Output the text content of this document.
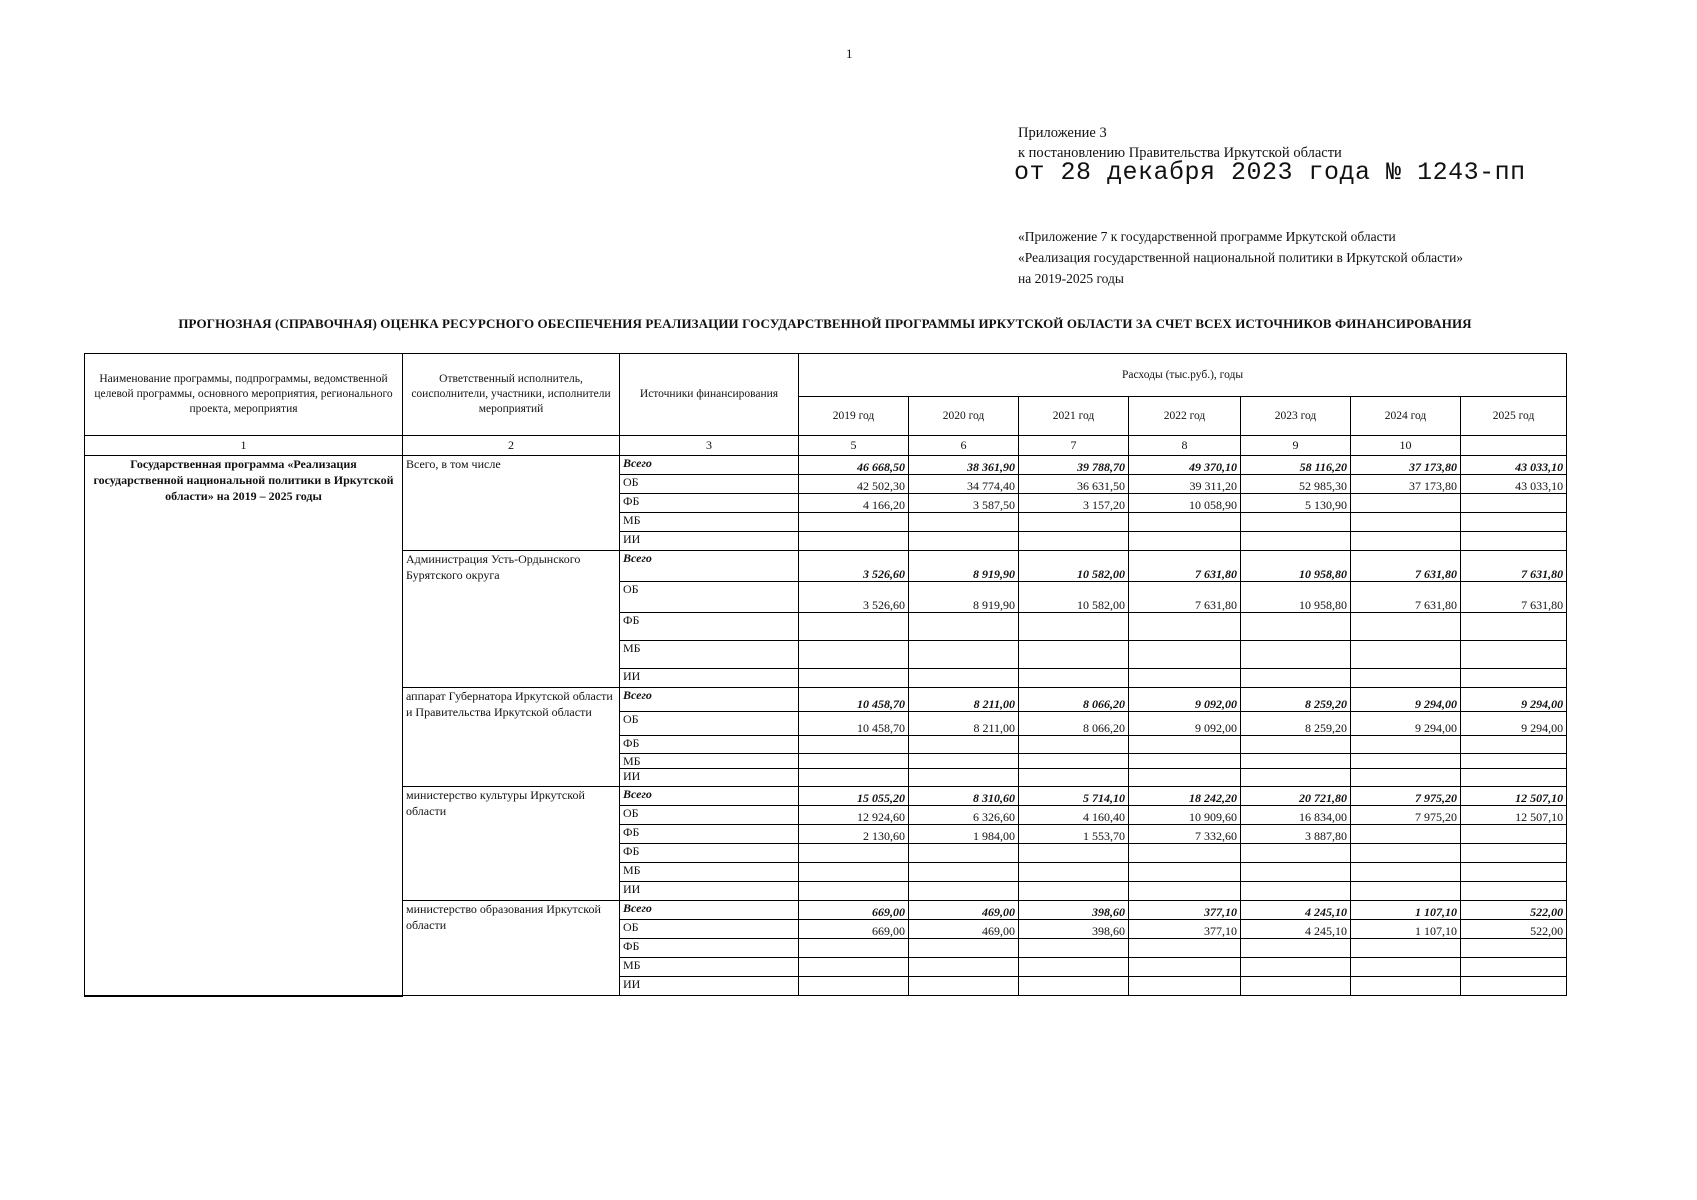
1
Приложение 3
к постановлению Правительства Иркутской области
от 28 декабря 2023 года № 1243-пп
«Приложение 7 к государственной программе Иркутской области
«Реализация государственной национальной политики в Иркутской области»
на 2019-2025 годы
ПРОГНОЗНАЯ (СПРАВОЧНАЯ) ОЦЕНКА РЕСУРСНОГО ОБЕСПЕЧЕНИЯ РЕАЛИЗАЦИИ ГОСУДАРСТВЕННОЙ ПРОГРАММЫ ИРКУТСКОЙ ОБЛАСТИ ЗА СЧЕТ ВСЕХ ИСТОЧНИКОВ ФИНАНСИРОВАНИЯ
Наименование программы, подпрограммы, ведомственной целевой программы, основного мероприятия, регионального проекта, мероприятия	Ответственный исполнитель, соисполнители, участники, исполнители мероприятий	Источники финансирования	Расходы (тыс.руб.), годы						
			2019 год	2020 год	2021 год	2022 год	2023 год	2024 год	2025 год
1	2	3	5	6	7	8	9	10	
Государственная программа «Реализация государственной национальной политики в Иркутской области» на 2019 – 2025 годы	Всего, в том числе	Всего	46 668,50	38 361,90	39 788,70	49 370,10	58 116,20	37 173,80	43 033,10
		ОБ	42 502,30	34 774,40	36 631,50	39 311,20	52 985,30	37 173,80	43 033,10
		ФБ	4 166,20	3 587,50	3 157,20	10 058,90	5 130,90		
		МБ							
		ИИ							
	Администрация Усть-Ордынского Бурятского округа	Всего	3 526,60	8 919,90	10 582,00	7 631,80	10 958,80	7 631,80	7 631,80
		ОБ	3 526,60	8 919,90	10 582,00	7 631,80	10 958,80	7 631,80	7 631,80
		ФБ							
		МБ							
		ИИ							
	аппарат Губернатора Иркутской области и Правительства Иркутской области	Всего	10 458,70	8 211,00	8 066,20	9 092,00	8 259,20	9 294,00	9 294,00
		ОБ	10 458,70	8 211,00	8 066,20	9 092,00	8 259,20	9 294,00	9 294,00
		ФБ							
		МБ							
		ИИ							
	министерство культуры Иркутской области	Всего	15 055,20	8 310,60	5 714,10	18 242,20	20 721,80	7 975,20	12 507,10
		ОБ	12 924,60	6 326,60	4 160,40	10 909,60	16 834,00	7 975,20	12 507,10
		ФБ	2 130,60	1 984,00	1 553,70	7 332,60	3 887,80		
		ФБ							
		МБ							
		ИИ							
	министерство образования Иркутской области	Всего	669,00	469,00	398,60	377,10	4 245,10	1 107,10	522,00
		ОБ	669,00	469,00	398,60	377,10	4 245,10	1 107,10	522,00
		ФБ							
		МБ							
		ИИ							
